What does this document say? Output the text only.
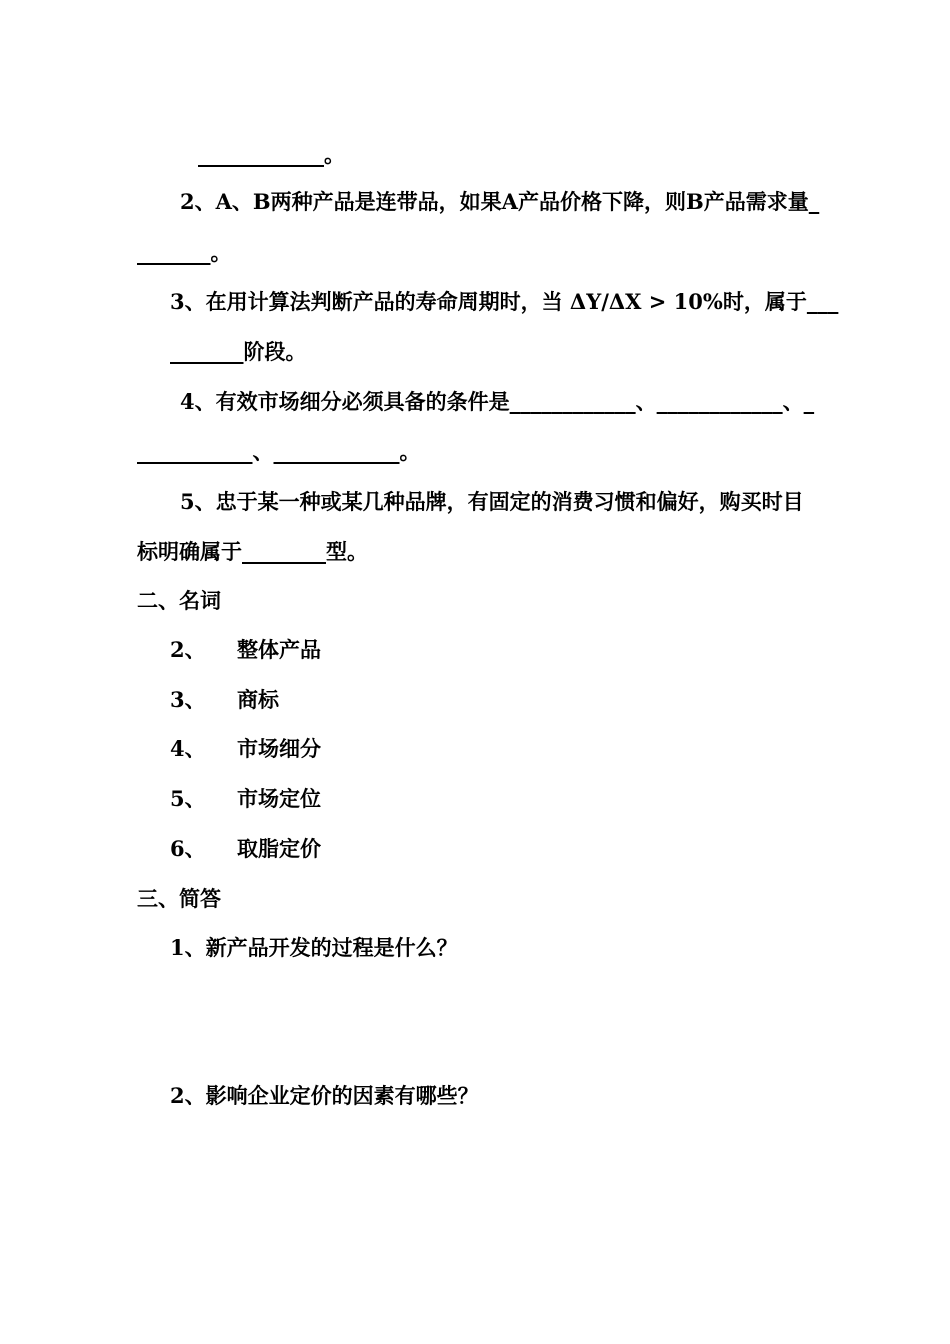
____________。
2、A、B两种产品是连带品，如果A产品价格下降，则B产品需求量_
_______。
3、在用计算法判断产品的寿命周期时，当 ΔY/ΔX > 10%时，属于___
_______阶段。
4、有效市场细分必须具备的条件是____________、____________、_
___________、____________。
5、忠于某一种或某几种品牌，有固定的消费习惯和偏好，购买时目
标明确属于________型。
二、名词
2、 整体产品
3、 商标
4、 市场细分
5、 市场定位
6、 取脂定价
三、简答
1、新产品开发的过程是什么？
2、影响企业定价的因素有哪些？
